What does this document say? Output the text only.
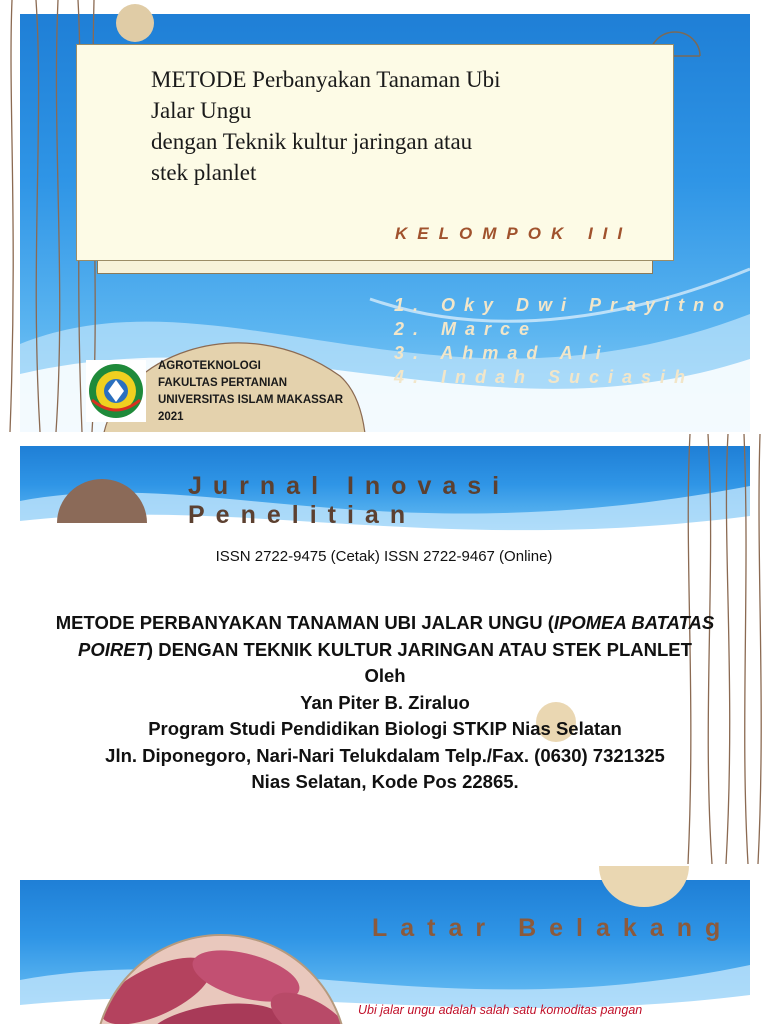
METODE Perbanyakan Tanaman Ubi
Jalar Ungu
dengan Teknik kultur jaringan atau
stek planlet
KELOMPOK III
1. Oky Dwi Prayitno
2. Marce
3. Ahmad Ali
4. Indah Suciasih
AGROTEKNOLOGI
FAKULTAS PERTANIAN
UNIVERSITAS ISLAM MAKASSAR
2021
Jurnal Inovasi
Penelitian
ISSN 2722-9475 (Cetak) ISSN 2722-9467 (Online)
METODE PERBANYAKAN TANAMAN UBI JALAR UNGU (IPOMEA BATATAS POIRET) DENGAN TEKNIK KULTUR JARINGAN ATAU STEK PLANLET
Oleh
Yan Piter B. Ziraluo
Program Studi Pendidikan Biologi STKIP Nias Selatan
Jln. Diponegoro, Nari-Nari Telukdalam Telp./Fax. (0630) 7321325
Nias Selatan, Kode Pos 22865.
Latar Belakang
Ubi jalar ungu adalah salah satu komoditas pangan
